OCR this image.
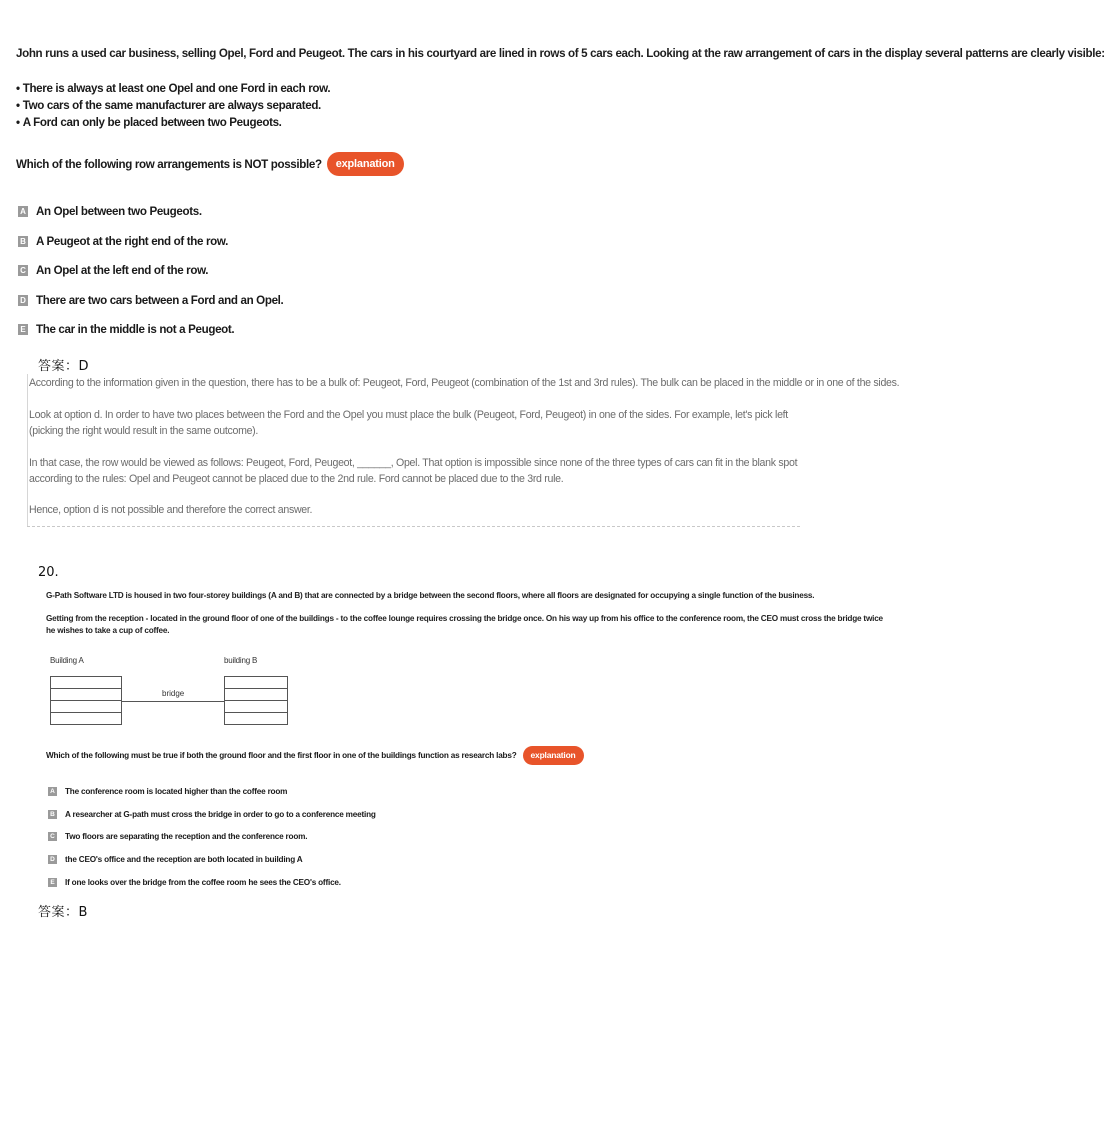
John runs a used car business, selling Opel, Ford and Peugeot. The cars in his courtyard are lined in rows of 5 cars each. Looking at the raw arrangement of cars in the display several patterns are clearly visible:

• There is always at least one Opel and one Ford in each row.
• Two cars of the same manufacturer are always separated.
• A Ford can only be placed between two Peugeots.
Which of the following row arrangements is NOT possible?	explanation
A An Opel between two Peugeots.
B A Peugeot at the right end of the row.
C An Opel at the left end of the row.
D There are two cars between a Ford and an Opel.
E The car in the middle is not a Peugeot.
答案：D

According to the information given in the question, there has to be a bulk of: Peugeot, Ford, Peugeot (combination of the 1st and 3rd rules). The bulk can be placed in the middle or in one of the sides.

Look at option d. In order to have two places between the Ford and the Opel you must place the bulk (Peugeot, Ford, Peugeot) in one of the sides. For example, let's pick left (picking the right would result in the same outcome).

In that case, the row would be viewed as follows: Peugeot, Ford, Peugeot, ______, Opel. That option is impossible since none of the three types of cars can fit in the blank spot according to the rules: Opel and Peugeot cannot be placed due to the 2nd rule. Ford cannot be placed due to the 3rd rule.

Hence, option d is not possible and therefore the correct answer.

20.

G-Path Software LTD is housed in two four-storey buildings (A and B) that are connected by a bridge between the second floors, where all floors are designated for occupying a single function of the business.

Getting from the reception - located in the ground floor of one of the buildings - to the coffee lounge requires crossing the bridge once. On his way up from his office to the conference room, the CEO must cross the bridge twice
he wishes to take a cup of coffee.

Building A	building B

bridge
Which of the following must be true if both the ground floor and the first floor in one of the buildings function as research labs?	explanation
A The conference room is located higher than the coffee room
B A researcher at G-path must cross the bridge in order to go to a conference meeting
C Two floors are separating the reception and the conference room.
D the CEO's office and the reception are both located in building A
E If one looks over the bridge from the coffee room he sees the CEO's office.
答案：B
